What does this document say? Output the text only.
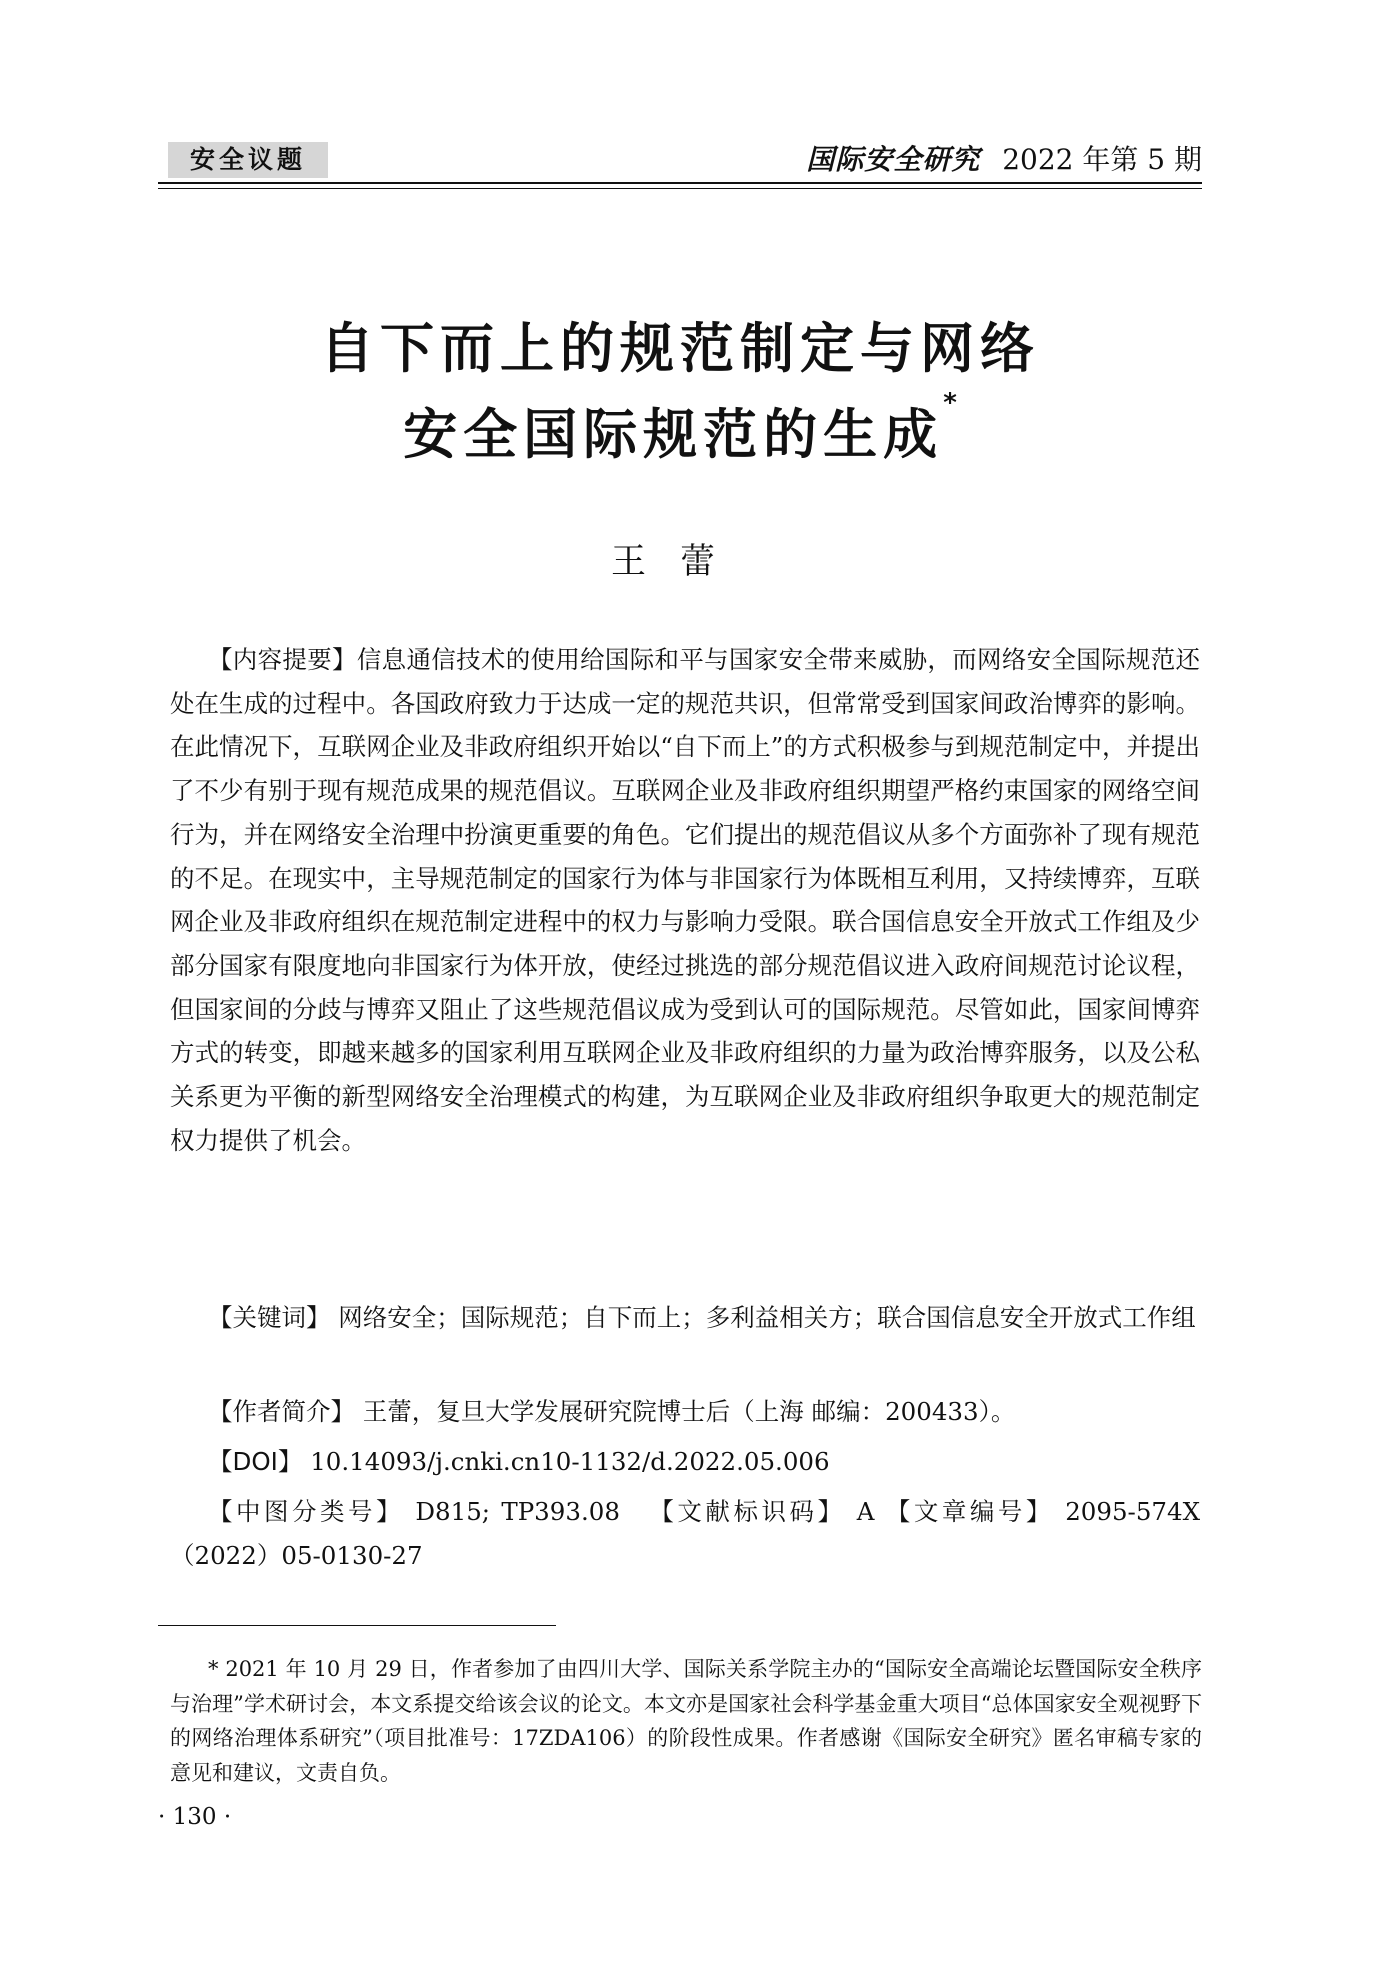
安全议题	国际安全研究 2022 年第 5 期
自下而上的规范制定与网络
安全国际规范的生成*
王蕾
【内容提要】信息通信技术的使用给国际和平与国家安全带来威胁，而网络安全国际规范还处在生成的过程中。各国政府致力于达成一定的规范共识，但常常受到国家间政治博弈的影响。在此情况下，互联网企业及非政府组织开始以“自下而上”的方式积极参与到规范制定中，并提出了不少有别于现有规范成果的规范倡议。互联网企业及非政府组织期望严格约束国家的网络空间行为，并在网络安全治理中扮演更重要的角色。它们提出的规范倡议从多个方面弥补了现有规范的不足。在现实中，主导规范制定的国家行为体与非国家行为体既相互利用，又持续博弈，互联网企业及非政府组织在规范制定进程中的权力与影响力受限。联合国信息安全开放式工作组及少部分国家有限度地向非国家行为体开放，使经过挑选的部分规范倡议进入政府间规范讨论议程，但国家间的分歧与博弈又阻止了这些规范倡议成为受到认可的国际规范。尽管如此，国家间博弈方式的转变，即越来越多的国家利用互联网企业及非政府组织的力量为政治博弈服务，以及公私关系更为平衡的新型网络安全治理模式的构建，为互联网企业及非政府组织争取更大的规范制定权力提供了机会。
【关键词】 网络安全；国际规范；自下而上；多利益相关方；联合国信息安全开放式工作组
【作者简介】 王蕾，复旦大学发展研究院博士后（上海 邮编：200433）。
【DOI】 10.14093/j.cnki.cn10-1132/d.2022.05.006
【中图分类号】 D815; TP393.08 【文献标识码】 A 【文章编号】 2095-574X（2022）05-0130-27
* 2021 年 10 月 29 日，作者参加了由四川大学、国际关系学院主办的“国际安全高端论坛暨国际安全秩序与治理”学术研讨会，本文系提交给该会议的论文。本文亦是国家社会科学基金重大项目“总体国家安全观视野下的网络治理体系研究”（项目批准号：17ZDA106）的阶段性成果。作者感谢《国际安全研究》匿名审稿专家的意见和建议，文责自负。
· 130 ·
